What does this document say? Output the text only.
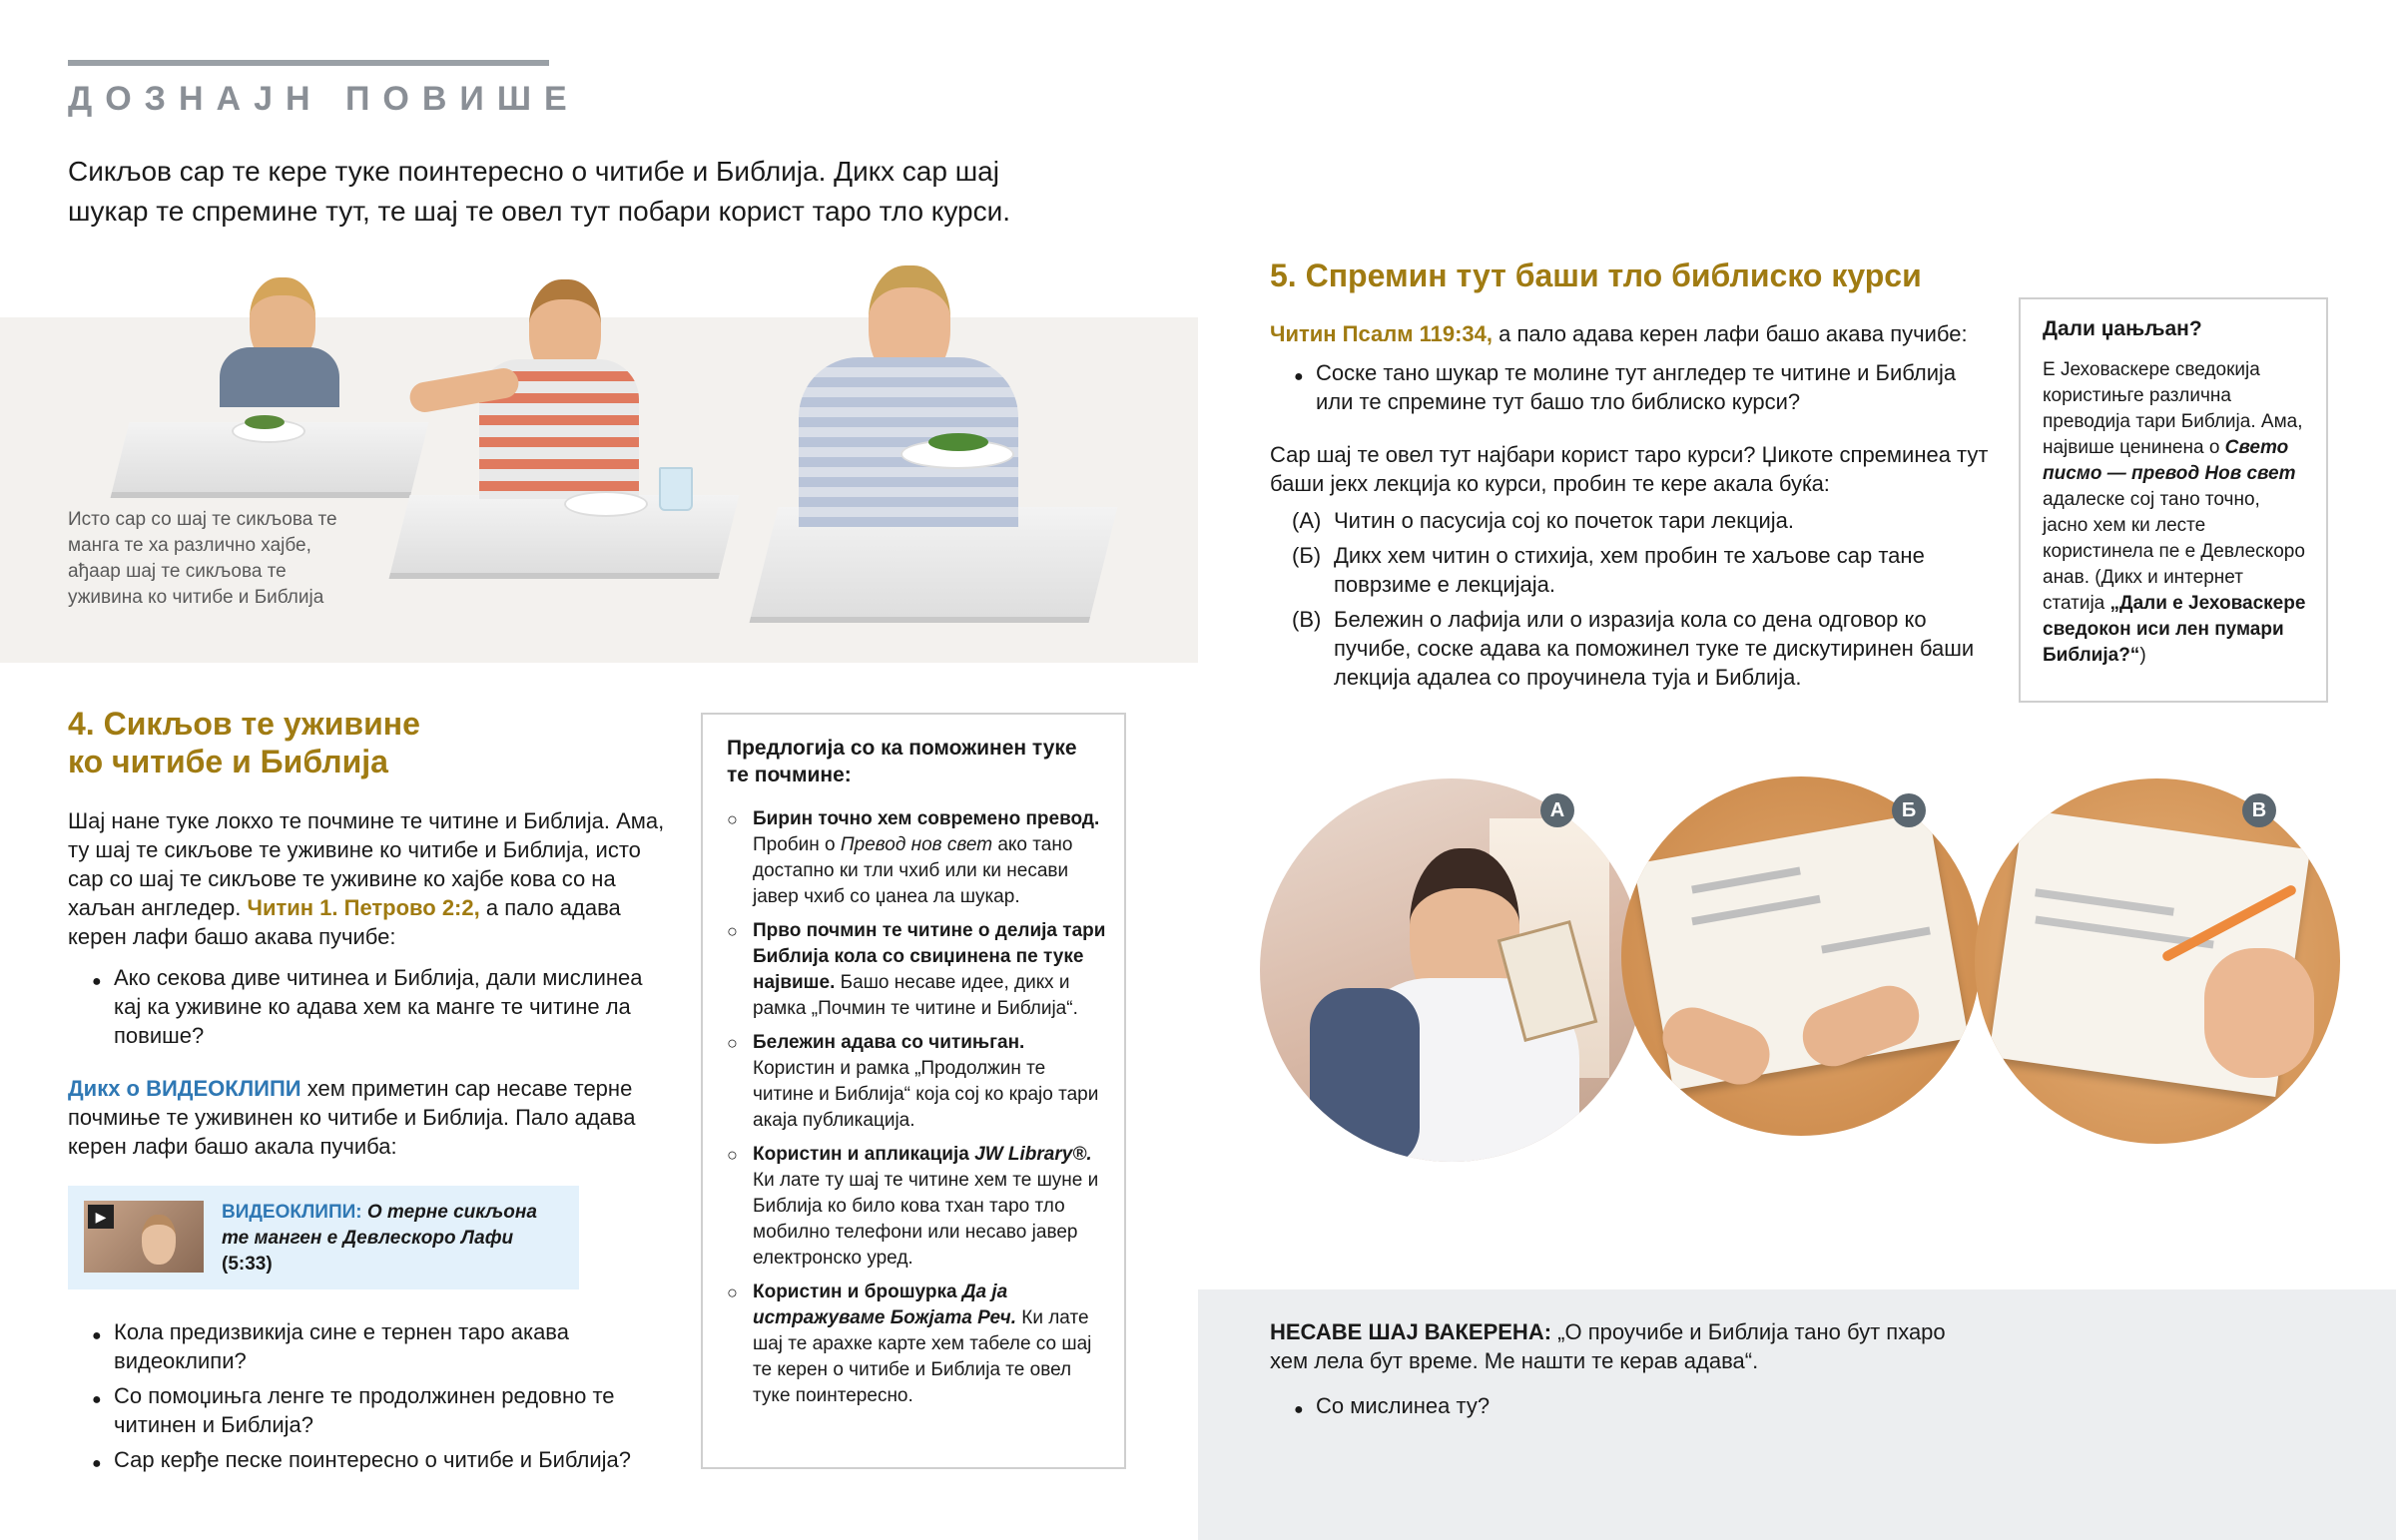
ДОЗНАЈН ПОВИШЕ
Сикљов сар те кере туке поинтересно о читибе и Библија. Дикх сар шај шукар те спремине тут, те шај те овел тут побари корист таро тло курси.
Исто сар со шај те сикљова те манга те ха различно хајбе, ађаар шај те сикљова те уживина ко читибе и Библија
4. Сикљов те уживине
ко читибе и Библија

Шај нане туке локхо те почмине те читине и Библија. Ама, ту шај те сикљове те уживине ко читибе и Библија, исто сар со шај те сикљове те уживине ко хајбе кова со на хаљан англедер. Читин 1. Петрово 2:2, а пало адава керен лафи башо акава пучибе:

● Ако секова диве читинеа и Библија, дали мислинеа кај ка уживине ко адава хем ка манге те читине ла повише?

Дикх о ВИДЕОКЛИПИ хем приметин сар несаве терне почмиње те уживинен ко читибе и Библија. Пало адава керен лафи башо акала пучиба:

▶	ВИДЕОКЛИПИ: О терне сикљона те манген е Девлескоро Лафи (5:33)
● Кола предизвикија сине е тернен таро акава видеоклипи?
● Со помоџињга ленге те продолжинен редовно те читинен и Библија?
● Сар керђе песке поинтересно о читибе и Библија?
Предлогија со ка поможинен туке те почмине:
○ Бирин точно хем современо превод. Пробин о Превод нов свет ако тано достапно ки тли чхиб или ки несави јавер чхиб со џанеа ла шукар.
○ Прво почмин те читине о делија тари Библија кола со свиџинена пе туке највише. Башо несаве идее, дикх и рамка „Почмин те читине и Библија“.
○ Бележин адава со читињган. Користин и рамка „Продолжин те читине и Библија“ која сој ко крајо тари акаја публикација.
○ Користин и апликација JW Library®. Ки лате ту шај те читине хем те шуне и Библија ко било кова тхан таро тло мобилно телефони или несаво јавер електронско уред.
○ Користин и брошурка Да ја истражуваме Божјата Реч. Ки лате шај те арахке карте хем табеле со шај те керен о читибе и Библија те овел туке поинтересно.
5. Спремин тут баши тло библиско курси

Читин Псалм 119:34, а пало адава керен лафи башо акава пучибе:

● Соске тано шукар те молине тут англедер те читине и Библија или те спремине тут башо тло библиско курси?

Сар шај те овел тут најбари корист таро курси? Џикоте спреминеа тут баши јекх лекција ко курси, пробин те кере акала буќа:

(А) Читин о пасусија сој ко почеток тари лекција.
(Б) Дикх хем читин о стихија, хем пробин те хаљове сар тане поврзиме е лекцијаја.
(В) Бележин о лафија или о изразија кола со дена одговор ко пучибе, соске адава ка поможинел туке те дискутиринен баши лекција адалеа со проучинела туја и Библија.
Дали џањљан?
Е Јеховаскере сведокија користињге различна преводија тари Библија. Ама, највише ценинена о Свето писмо — превод Нов свет адалеске сој тано точно, јасно хем ки лесте користинела пе е Девлескоро анав. (Дикх и интернет статија „Дали е Јеховаскере сведокон иси лен пумари Библија?“)
А	Б	В
НЕСАВЕ ШАЈ ВАКЕРЕНА: „О проучибе и Библија тано бут пхаро хем лела бут време. Ме нашти те керав адава“.
● Со мислинеа ту?
